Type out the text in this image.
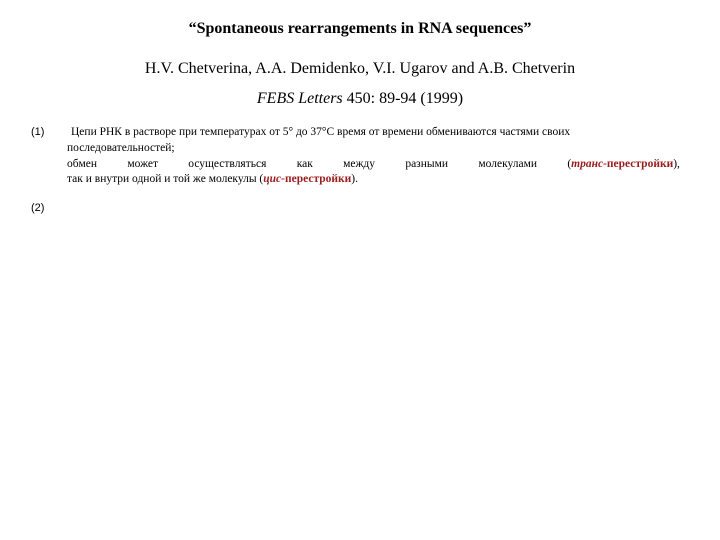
“Spontaneous rearrangements in RNA sequences”
H.V. Chetverina, A.A. Demidenko, V.I. Ugarov and A.B. Chetverin
FEBS Letters 450: 89-94 (1999)
(1)	Цепи РНК в растворе при температурах от 5° до 37°С время от времени обмениваются частями своих
последовательностей;
обмен	может	осуществляться	как	между	разными	молекулами	(транс-перестройки),
так и внутри одной и той же молекулы (цис-перестройки).
(2)
